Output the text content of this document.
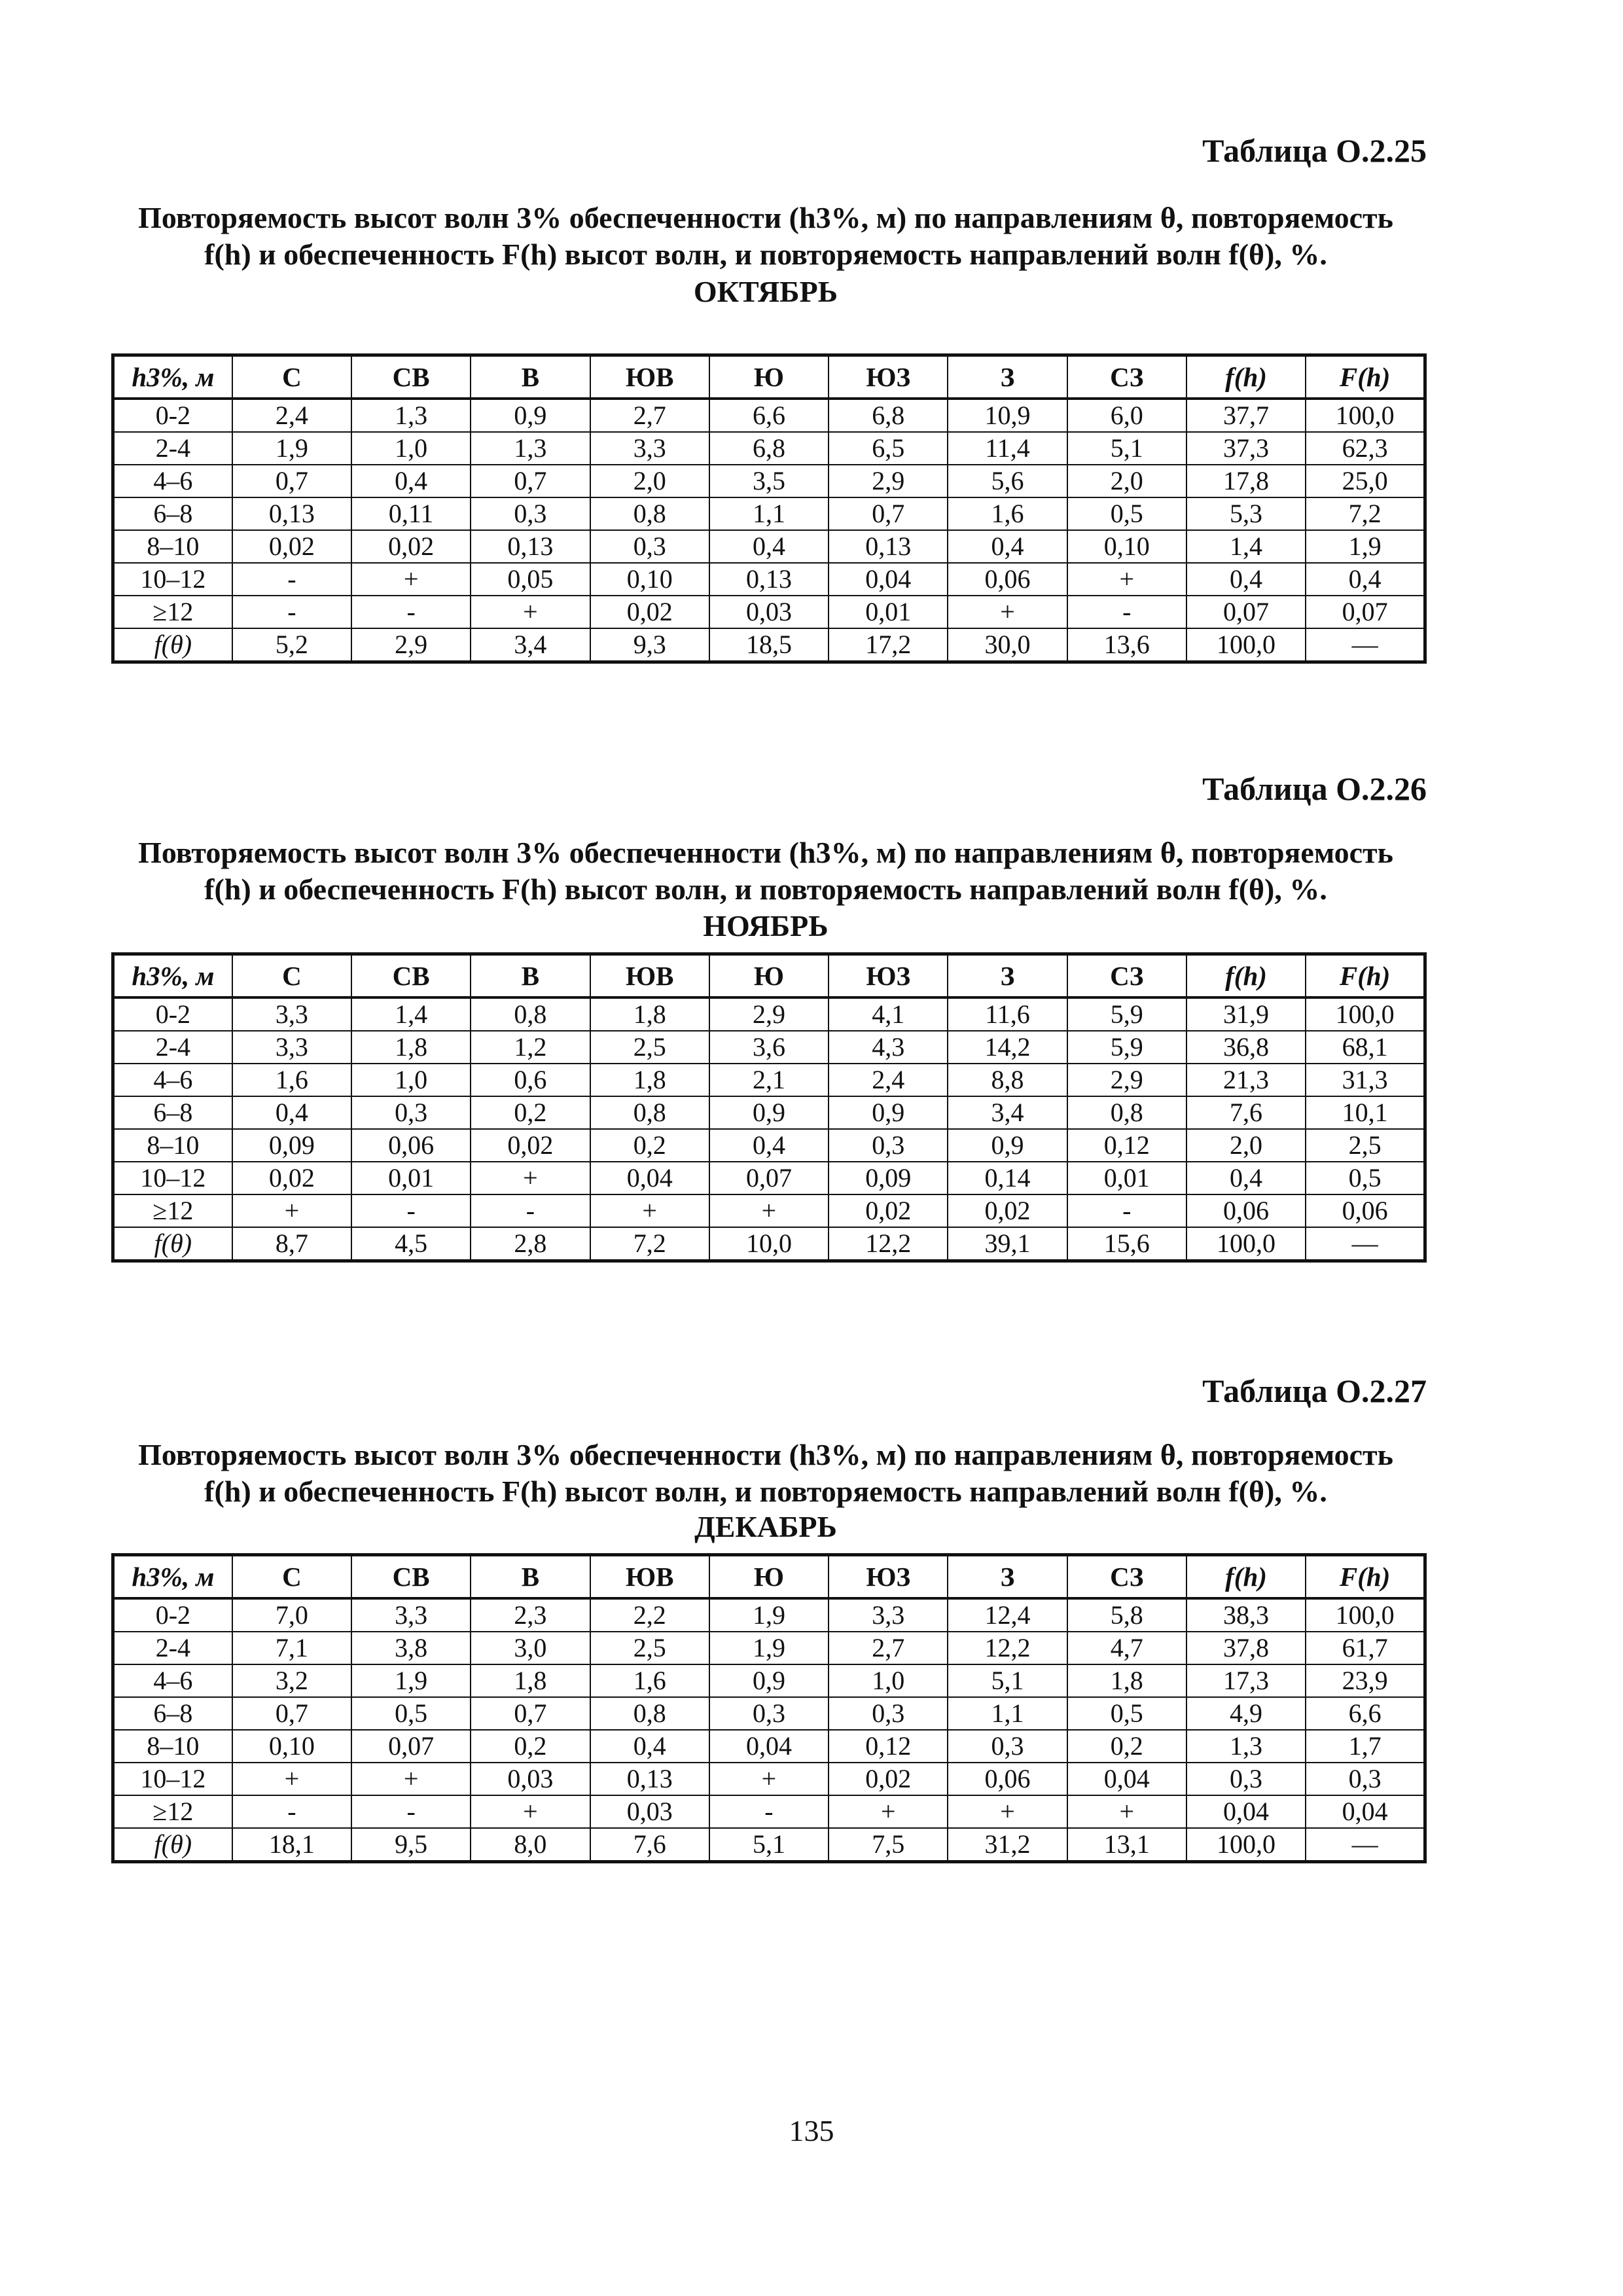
Таблица О.2.25
Повторяемость высот волн 3% обеспеченности (h3%, м) по направлениям θ, повторяемость
f(h) и обеспеченность F(h) высот волн, и повторяемость направлений волн f(θ), %.
ОКТЯБРЬ
h3%, м	С	СВ	В	ЮВ	Ю	ЮЗ	З	СЗ	f(h)	F(h)
0-2	2,4	1,3	0,9	2,7	6,6	6,8	10,9	6,0	37,7	100,0
2-4	1,9	1,0	1,3	3,3	6,8	6,5	11,4	5,1	37,3	62,3
4–6	0,7	0,4	0,7	2,0	3,5	2,9	5,6	2,0	17,8	25,0
6–8	0,13	0,11	0,3	0,8	1,1	0,7	1,6	0,5	5,3	7,2
8–10	0,02	0,02	0,13	0,3	0,4	0,13	0,4	0,10	1,4	1,9
10–12	-	+	0,05	0,10	0,13	0,04	0,06	+	0,4	0,4
≥12	-	-	+	0,02	0,03	0,01	+	-	0,07	0,07
f(θ)	5,2	2,9	3,4	9,3	18,5	17,2	30,0	13,6	100,0	—
Таблица О.2.26
Повторяемость высот волн 3% обеспеченности (h3%, м) по направлениям θ, повторяемость
f(h) и обеспеченность F(h) высот волн, и повторяемость направлений волн f(θ), %.
НОЯБРЬ
h3%, м	С	СВ	В	ЮВ	Ю	ЮЗ	З	СЗ	f(h)	F(h)
0-2	3,3	1,4	0,8	1,8	2,9	4,1	11,6	5,9	31,9	100,0
2-4	3,3	1,8	1,2	2,5	3,6	4,3	14,2	5,9	36,8	68,1
4–6	1,6	1,0	0,6	1,8	2,1	2,4	8,8	2,9	21,3	31,3
6–8	0,4	0,3	0,2	0,8	0,9	0,9	3,4	0,8	7,6	10,1
8–10	0,09	0,06	0,02	0,2	0,4	0,3	0,9	0,12	2,0	2,5
10–12	0,02	0,01	+	0,04	0,07	0,09	0,14	0,01	0,4	0,5
≥12	+	-	-	+	+	0,02	0,02	-	0,06	0,06
f(θ)	8,7	4,5	2,8	7,2	10,0	12,2	39,1	15,6	100,0	—
Таблица О.2.27
Повторяемость высот волн 3% обеспеченности (h3%, м) по направлениям θ, повторяемость
f(h) и обеспеченность F(h) высот волн, и повторяемость направлений волн f(θ), %.
ДЕКАБРЬ
h3%, м	С	СВ	В	ЮВ	Ю	ЮЗ	З	СЗ	f(h)	F(h)
0-2	7,0	3,3	2,3	2,2	1,9	3,3	12,4	5,8	38,3	100,0
2-4	7,1	3,8	3,0	2,5	1,9	2,7	12,2	4,7	37,8	61,7
4–6	3,2	1,9	1,8	1,6	0,9	1,0	5,1	1,8	17,3	23,9
6–8	0,7	0,5	0,7	0,8	0,3	0,3	1,1	0,5	4,9	6,6
8–10	0,10	0,07	0,2	0,4	0,04	0,12	0,3	0,2	1,3	1,7
10–12	+	+	0,03	0,13	+	0,02	0,06	0,04	0,3	0,3
≥12	-	-	+	0,03	-	+	+	+	0,04	0,04
f(θ)	18,1	9,5	8,0	7,6	5,1	7,5	31,2	13,1	100,0	—
135
